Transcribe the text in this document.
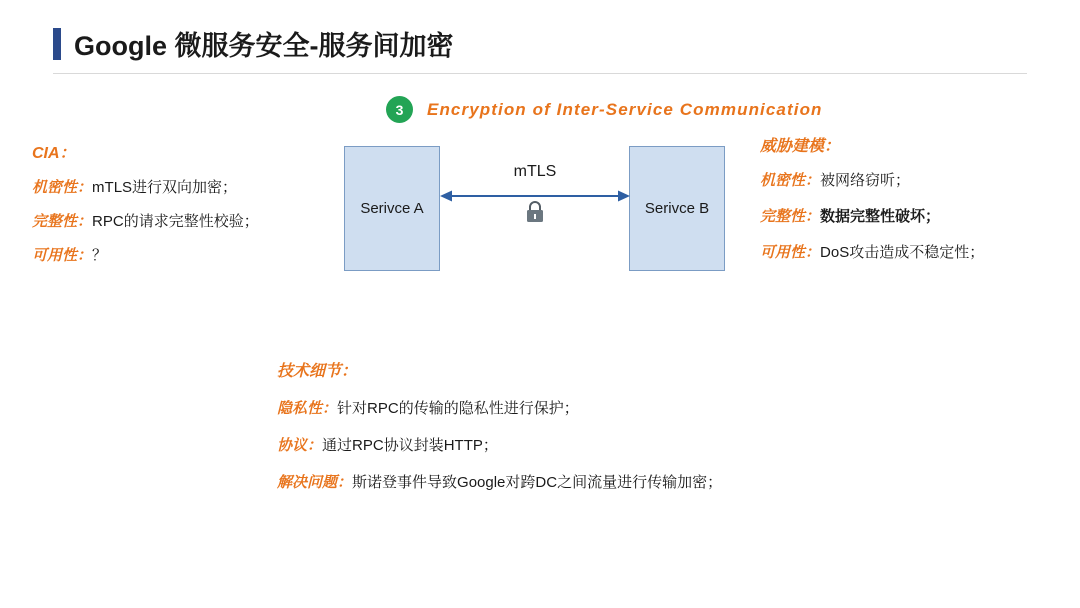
Google 微服务安全-服务间加密
3	Encryption of Inter-Service Communication
Serivce A	Serivce B
mTLS
CIA：
机密性：mTLS进行双向加密；
完整性：RPC的请求完整性校验；
可用性：？
威胁建模：
机密性：被网络窃听；
完整性：数据完整性破坏；
可用性：DoS攻击造成不稳定性；
技术细节：
隐私性：针对RPC的传输的隐私性进行保护；
协议：通过RPC协议封装HTTP；
解决问题：斯诺登事件导致Google对跨DC之间流量进行传输加密；
